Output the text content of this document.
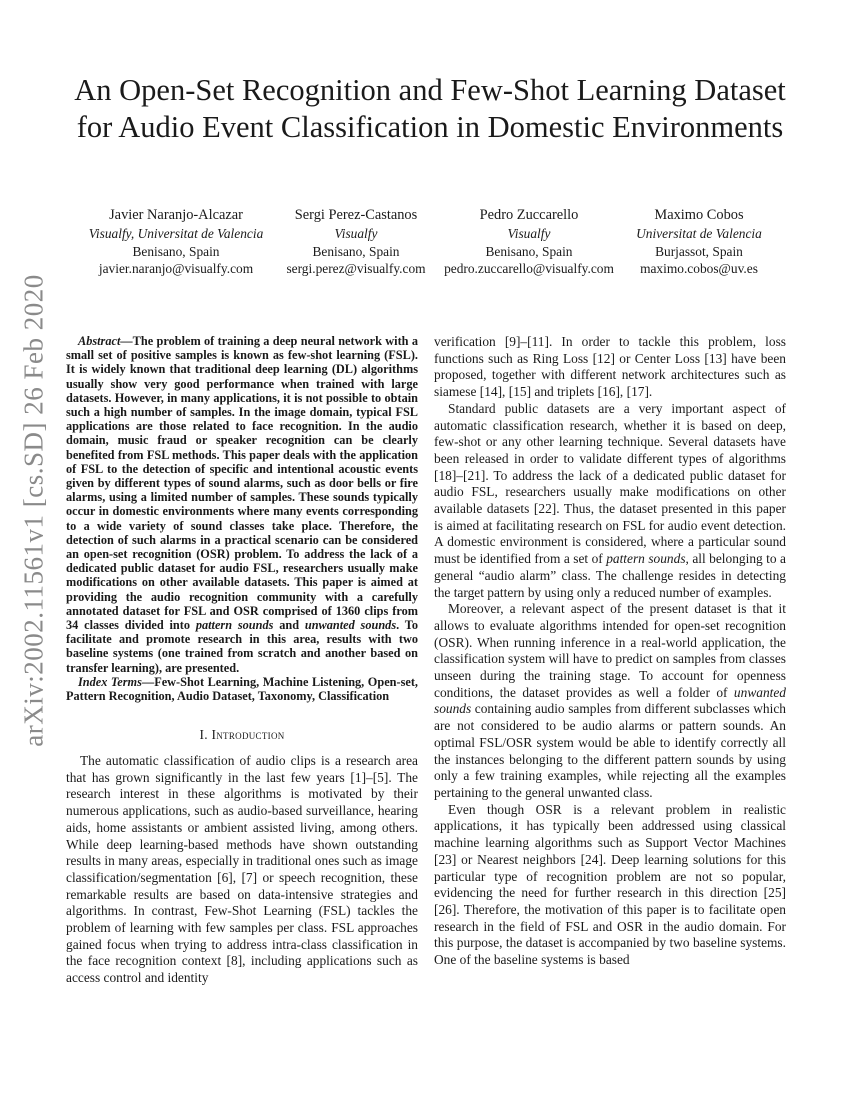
arXiv:2002.11561v1 [cs.SD] 26 Feb 2020
An Open-Set Recognition and Few-Shot Learning Dataset for Audio Event Classification in Domestic Environments
Javier Naranjo-Alcazar
Visualfy, Universitat de Valencia
Benisano, Spain
javier.naranjo@visualfy.com
Sergi Perez-Castanos
Visualfy
Benisano, Spain
sergi.perez@visualfy.com
Pedro Zuccarello
Visualfy
Benisano, Spain
pedro.zuccarello@visualfy.com
Maximo Cobos
Universitat de Valencia
Burjassot, Spain
maximo.cobos@uv.es

Abstract—The problem of training a deep neural network with a small set of positive samples is known as few-shot learning (FSL). It is widely known that traditional deep learning (DL) algorithms usually show very good performance when trained with large datasets. However, in many applications, it is not possible to obtain such a high number of samples. In the image domain, typical FSL applications are those related to face recognition. In the audio domain, music fraud or speaker recognition can be clearly benefited from FSL methods. This paper deals with the application of FSL to the detection of specific and intentional acoustic events given by different types of sound alarms, such as door bells or fire alarms, using a limited number of samples. These sounds typically occur in domestic environments where many events corresponding to a wide variety of sound classes take place. Therefore, the detection of such alarms in a practical scenario can be considered an open-set recognition (OSR) problem. To address the lack of a dedicated public dataset for audio FSL, researchers usually make modifications on other available datasets. This paper is aimed at providing the audio recognition community with a carefully annotated dataset for FSL and OSR comprised of 1360 clips from 34 classes divided into pattern sounds and unwanted sounds. To facilitate and promote research in this area, results with two baseline systems (one trained from scratch and another based on transfer learning), are presented.

Index Terms—Few-Shot Learning, Machine Listening, Open-set, Pattern Recognition, Audio Dataset, Taxonomy, Classification

I. Introduction

The automatic classification of audio clips is a research area that has grown significantly in the last few years [1]–[5]. The research interest in these algorithms is motivated by their numerous applications, such as audio-based surveillance, hearing aids, home assistants or ambient assisted living, among others. While deep learning-based methods have shown outstanding results in many areas, especially in traditional ones such as image classification/segmentation [6], [7] or speech recognition, these remarkable results are based on data-intensive strategies and algorithms. In contrast, Few-Shot Learning (FSL) tackles the problem of learning with few samples per class. FSL approaches gained focus when trying to address intra-class classification in the face recognition context [8], including applications such as access control and identity

verification [9]–[11]. In order to tackle this problem, loss functions such as Ring Loss [12] or Center Loss [13] have been proposed, together with different network architectures such as siamese [14], [15] and triplets [16], [17].

Standard public datasets are a very important aspect of automatic classification research, whether it is based on deep, few-shot or any other learning technique. Several datasets have been released in order to validate different types of algorithms [18]–[21]. To address the lack of a dedicated public dataset for audio FSL, researchers usually make modifications on other available datasets [22]. Thus, the dataset presented in this paper is aimed at facilitating research on FSL for audio event detection. A domestic environment is considered, where a particular sound must be identified from a set of pattern sounds, all belonging to a general “audio alarm” class. The challenge resides in detecting the target pattern by using only a reduced number of examples.

Moreover, a relevant aspect of the present dataset is that it allows to evaluate algorithms intended for open-set recognition (OSR). When running inference in a real-world application, the classification system will have to predict on samples from classes unseen during the training stage. To account for openness conditions, the dataset provides as well a folder of unwanted sounds containing audio samples from different subclasses which are not considered to be audio alarms or pattern sounds. An optimal FSL/OSR system would be able to identify correctly all the instances belonging to the different pattern sounds by using only a few training examples, while rejecting all the examples pertaining to the general unwanted class.

Even though OSR is a relevant problem in realistic applications, it has typically been addressed using classical machine learning algorithms such as Support Vector Machines [23] or Nearest neighbors [24]. Deep learning solutions for this particular type of recognition problem are not so popular, evidencing the need for further research in this direction [25] [26]. Therefore, the motivation of this paper is to facilitate open research in the field of FSL and OSR in the audio domain. For this purpose, the dataset is accompanied by two baseline systems. One of the baseline systems is based
